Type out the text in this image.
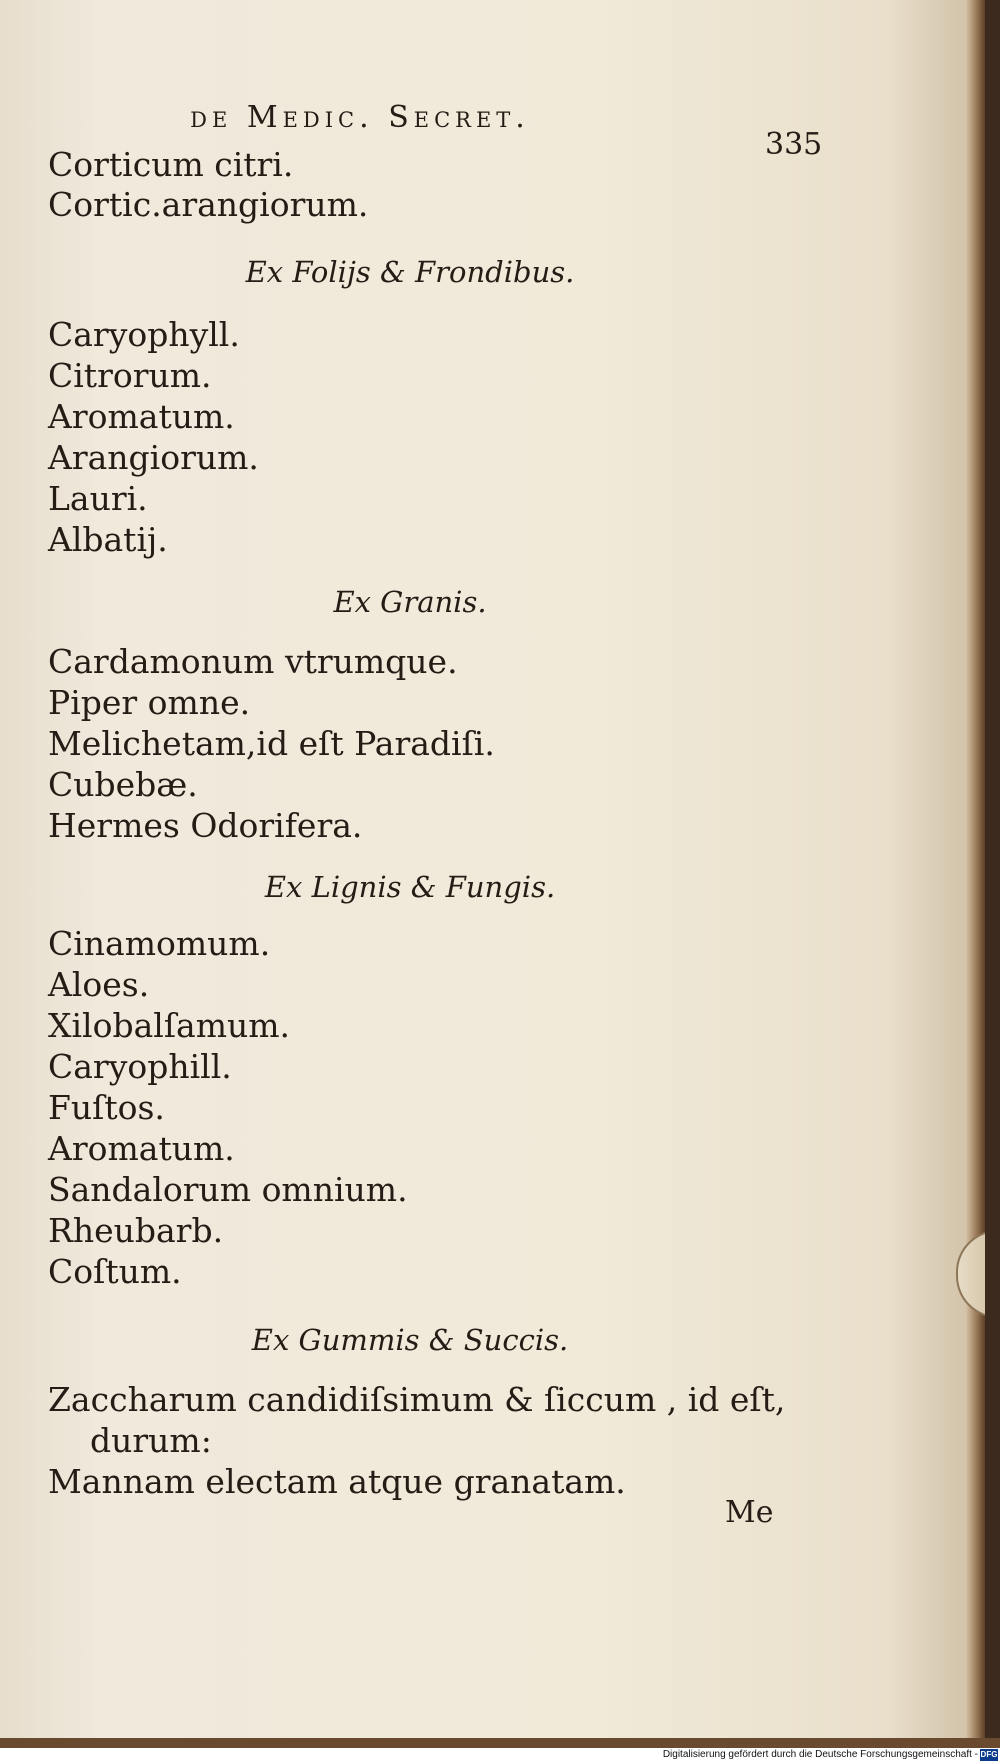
de Medic. Secret.
335
Corticum citri.
Cortic.arangiorum.
Ex Folijs & Frondibus.
Caryophyll.
Citrorum.
Aromatum.
Arangiorum.
Lauri.
Albatij.
Ex Granis.
Cardamonum vtrumque.
Piper omne.
Melichetam,id eſt Paradiſi.
Cubebæ.
Hermes Odorifera.
Ex Lignis & Fungis.
Cinamomum.
Aloes.
Xilobalſamum.
Caryophill.
Fuſtos.
Aromatum.
Sandalorum omnium.
Rheubarb.
Coſtum.
Ex Gummis & Succis.
Zaccharum candidiſsimum & ſiccum , id eſt,
durum:
Mannam electam atque granatam.
Me
Digitalisierung gefördert durch die Deutsche Forschungsgemeinschaft - DFG
